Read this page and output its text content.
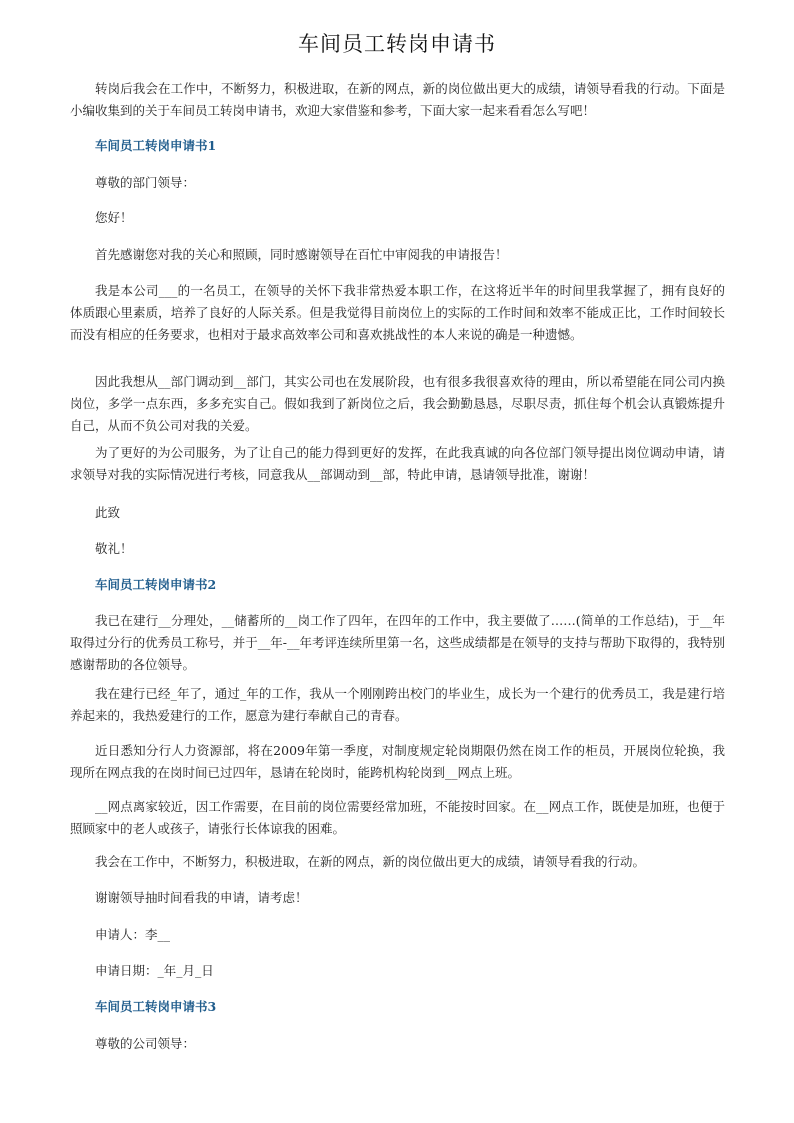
车间员工转岗申请书
转岗后我会在工作中，不断努力，积极进取，在新的网点，新的岗位做出更大的成绩，请领导看我的行动。下面是小编收集到的关于车间员工转岗申请书，欢迎大家借鉴和参考，下面大家一起来看看怎么写吧！
车间员工转岗申请书1
尊敬的部门领导：
您好！
首先感谢您对我的关心和照顾，同时感谢领导在百忙中审阅我的申请报告！
我是本公司___的一名员工，在领导的关怀下我非常热爱本职工作，在这将近半年的时间里我掌握了，拥有良好的体质跟心里素质，培养了良好的人际关系。但是我觉得目前岗位上的实际的工作时间和效率不能成正比，工作时间较长而没有相应的任务要求，也相对于最求高效率公司和喜欢挑战性的本人来说的确是一种遗憾。
因此我想从__部门调动到__部门，其实公司也在发展阶段，也有很多我很喜欢待的理由，所以希望能在同公司内换岗位，多学一点东西，多多充实自己。假如我到了新岗位之后，我会勤勤恳恳，尽职尽责，抓住每个机会认真锻炼提升自己，从而不负公司对我的关爱。
为了更好的为公司服务，为了让自己的能力得到更好的发挥，在此我真诚的向各位部门领导提出岗位调动申请，请求领导对我的实际情况进行考核，同意我从__部调动到__部，特此申请，恳请领导批准，谢谢！
此致
敬礼！
车间员工转岗申请书2
我已在建行__分理处，__储蓄所的__岗工作了四年，在四年的工作中，我主要做了……(简单的工作总结)，于__年取得过分行的优秀员工称号，并于__年-__年考评连续所里第一名，这些成绩都是在领导的支持与帮助下取得的，我特别感谢帮助的各位领导。
我在建行已经_年了，通过_年的工作，我从一个刚刚跨出校门的毕业生，成长为一个建行的优秀员工，我是建行培养起来的，我热爱建行的工作，愿意为建行奉献自己的青春。
近日悉知分行人力资源部，将在2009年第一季度，对制度规定轮岗期限仍然在岗工作的柜员，开展岗位轮换，我现所在网点我的在岗时间已过四年，恳请在轮岗时，能跨机构轮岗到__网点上班。
__网点离家较近，因工作需要，在目前的岗位需要经常加班，不能按时回家。在__网点工作，既使是加班，也便于照顾家中的老人或孩子，请张行长体谅我的困难。
我会在工作中，不断努力，积极进取，在新的网点，新的岗位做出更大的成绩，请领导看我的行动。
谢谢领导抽时间看我的申请，请考虑！
申请人：李__
申请日期：_年_月_日
车间员工转岗申请书3
尊敬的公司领导：
